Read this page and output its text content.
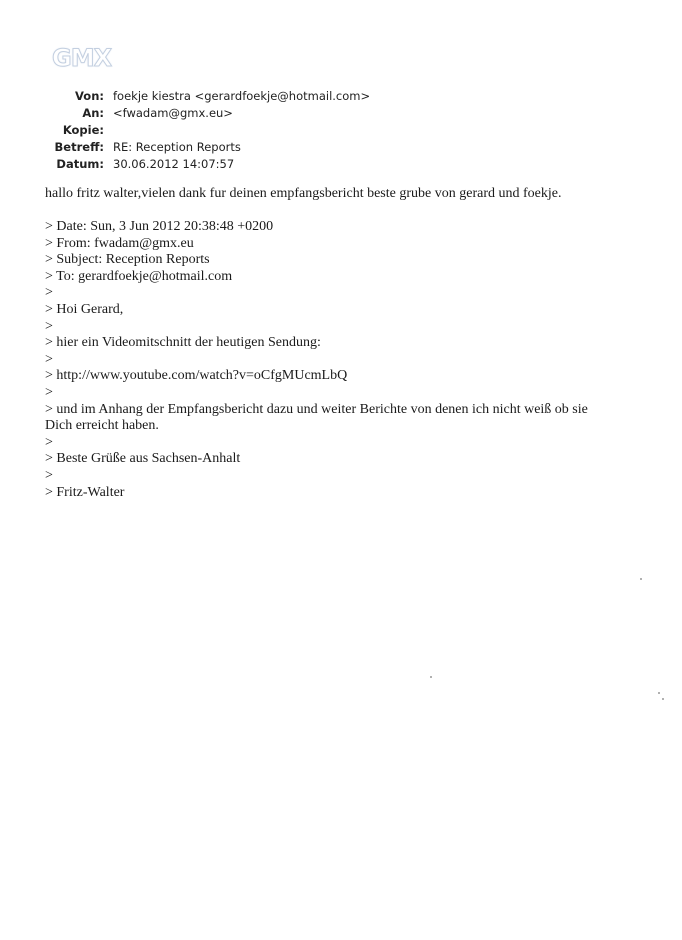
GMX
Von: foekje kiestra <gerardfoekje@hotmail.com>
An: <fwadam@gmx.eu>
Kopie:
Betreff: RE: Reception Reports
Datum: 30.06.2012 14:07:57
hallo fritz walter,vielen dank fur deinen empfangsbericht beste grube von gerard und foekje.
> Date: Sun, 3 Jun 2012 20:38:48 +0200
> From: fwadam@gmx.eu
> Subject: Reception Reports
> To: gerardfoekje@hotmail.com
>
> Hoi Gerard,
>
> hier ein Videomitschnitt der heutigen Sendung:
>
> http://www.youtube.com/watch?v=oCfgMUcmLbQ
>
> und im Anhang der Empfangsbericht dazu und weiter Berichte von denen ich nicht weiß ob sie
Dich erreicht haben.
>
> Beste Grüße aus Sachsen-Anhalt
>
> Fritz-Walter
